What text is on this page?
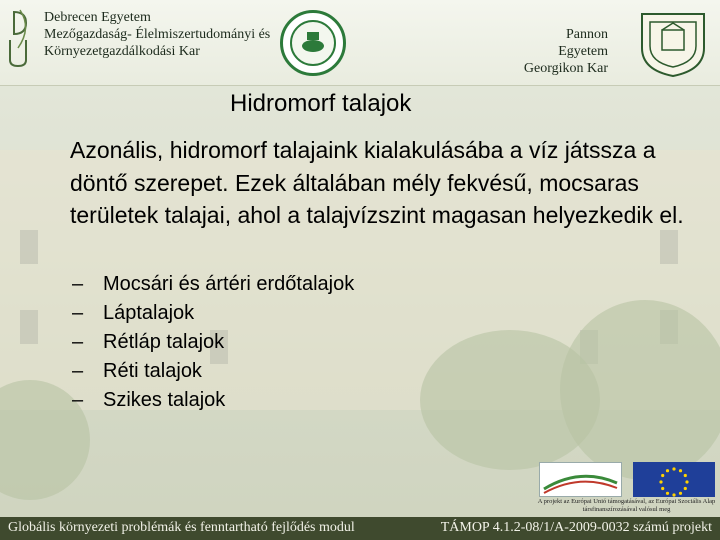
Debrecen Egyetem
Mezőgazdaság- Élelmiszertudományi és
Környezetgazdálkodási Kar
Pannon Egyetem
Georgikon Kar
Hidromorf talajok

Azonális, hidromorf talajaink kialakulásába a víz játssza a döntő szerepet. Ezek általában mély fekvésű, mocsaras területek talajai, ahol a talajvízszint magasan helyezkedik el.

– Mocsári és ártéri erdőtalajok
– Láptalajok
– Rétláp talajok
– Réti talajok
– Szikes talajok
A projekt az Európai Unió támogatásával, az Európai Szociális Alap társfinanszírozásával valósul meg
Globális környezeti problémák és fenntartható fejlődés modul	TÁMOP 4.1.2-08/1/A-2009-0032 számú projekt
